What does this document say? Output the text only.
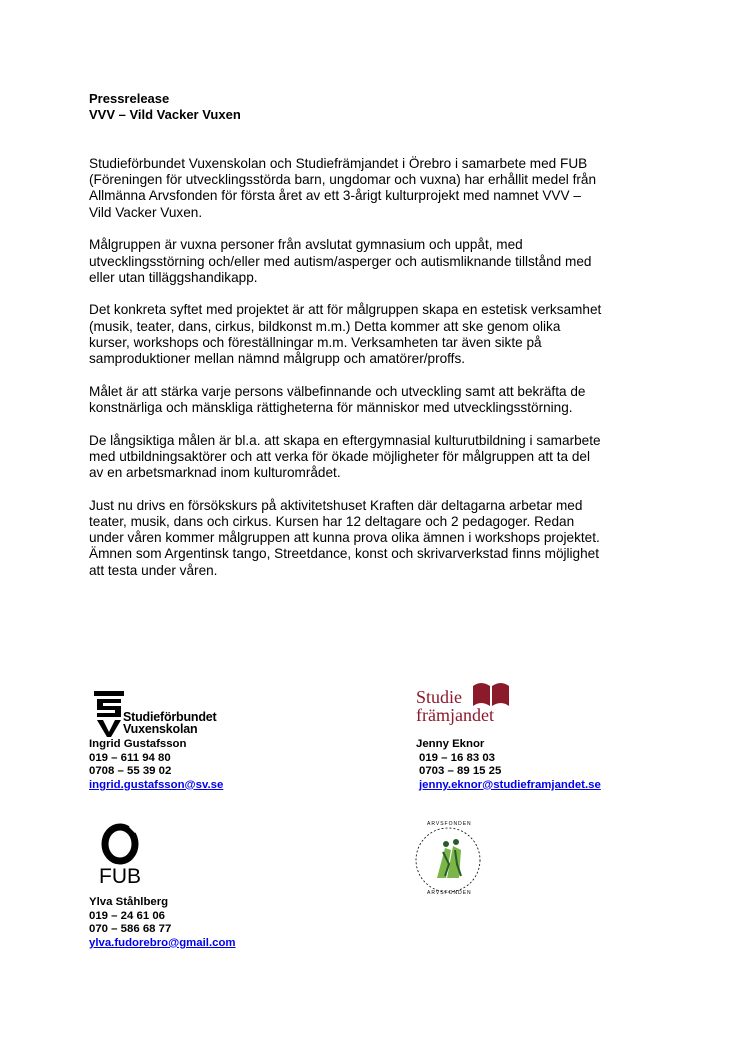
Pressrelease
VVV – Vild Vacker Vuxen

Studieförbundet Vuxenskolan och Studiefrämjandet i Örebro i samarbete med FUB
(Föreningen för utvecklingsstörda barn, ungdomar och vuxna) har erhållit medel från
Allmänna Arvsfonden för första året av ett 3-årigt kulturprojekt med namnet VVV –
Vild Vacker Vuxen.

Målgruppen är vuxna personer från avslutat gymnasium och uppåt, med
utvecklingsstörning och/eller med autism/asperger och autismliknande tillstånd med
eller utan tilläggshandikapp.

Det konkreta syftet med projektet är att för målgruppen skapa en estetisk verksamhet
(musik, teater, dans, cirkus, bildkonst m.m.) Detta kommer att ske genom olika
kurser, workshops och föreställningar m.m. Verksamheten tar även sikte på
samproduktioner mellan nämnd målgrupp och amatörer/proffs.

Målet är att stärka varje persons välbefinnande och utveckling samt att bekräfta de
konstnärliga och mänskliga rättigheterna för människor med utvecklingsstörning.

De långsiktiga målen är bl.a. att skapa en eftergymnasial kulturutbildning i samarbete
med utbildningsaktörer och att verka för ökade möjligheter för målgruppen att ta del
av en arbetsmarknad inom kulturområdet.

Just nu drivs en försökskurs på aktivitetshuset Kraften där deltagarna arbetar med
teater, musik, dans och cirkus. Kursen har 12 deltagare och 2 pedagoger. Redan
under våren kommer målgruppen att kunna prova olika ämnen i workshops projektet.
Ämnen som Argentinsk tango, Streetdance, konst och skrivarverkstad finns möjlighet
att testa under våren.

Studieförbundet
Vuxenskolan
Studie
främjandet
Ingrid Gustafsson
019 – 611 94 80
0708 – 55 39 02
ingrid.gustafsson@sv.se
Jenny Eknor
019 – 16 83 03
0703 – 89 15 25
jenny.eknor@studieframjandet.se
FUB
ARVSFONDEN
ARVSFONDEN
Ylva Ståhlberg
019 – 24 61 06
070 – 586 68 77
ylva.fudorebro@gmail.com
